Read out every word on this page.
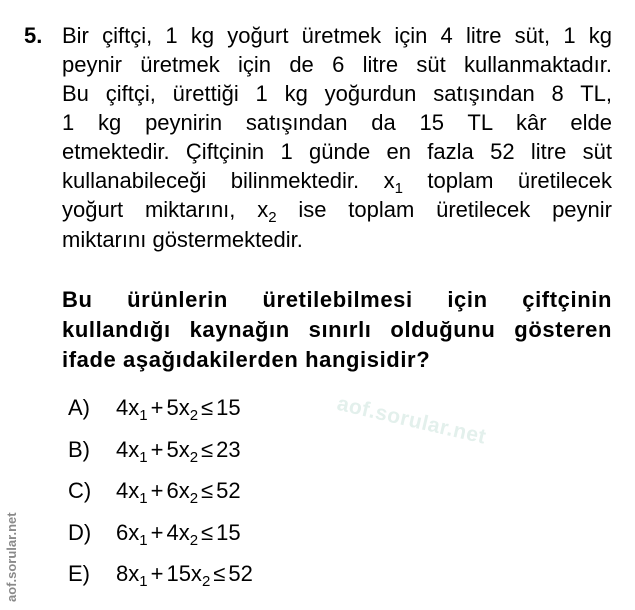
5. Bir çiftçi, 1 kg yoğurt üretmek için 4 litre süt, 1 kg
peynir üretmek için de 6 litre süt kullanmaktadır.
Bu çiftçi, ürettiği 1 kg yoğurdun satışından 8 TL,
1 kg peynirin satışından da 15 TL kâr elde
etmektedir. Çiftçinin 1 günde en fazla 52 litre süt
kullanabileceği bilinmektedir. $x_1$ toplam üretilecek
yoğurt miktarını, $x_2$ ise toplam üretilecek peynir
miktarını göstermektedir.
Bu ürünlerin üretilebilmesi için çiftçinin
kullandığı kaynağın sınırlı olduğunu gösteren
ifade aşağıdakilerden hangisidir?
aof.sorular.net
A)	$4x_1 + 5x_2 \le 15$
B)	$4x_1 + 5x_2 \le 23$
C)	$4x_1 + 6x_2 \le 52$
D)	$6x_1 + 4x_2 \le 15$
E)	$8x_1 + 15x_2 \le 52$
aof.sorular.net
